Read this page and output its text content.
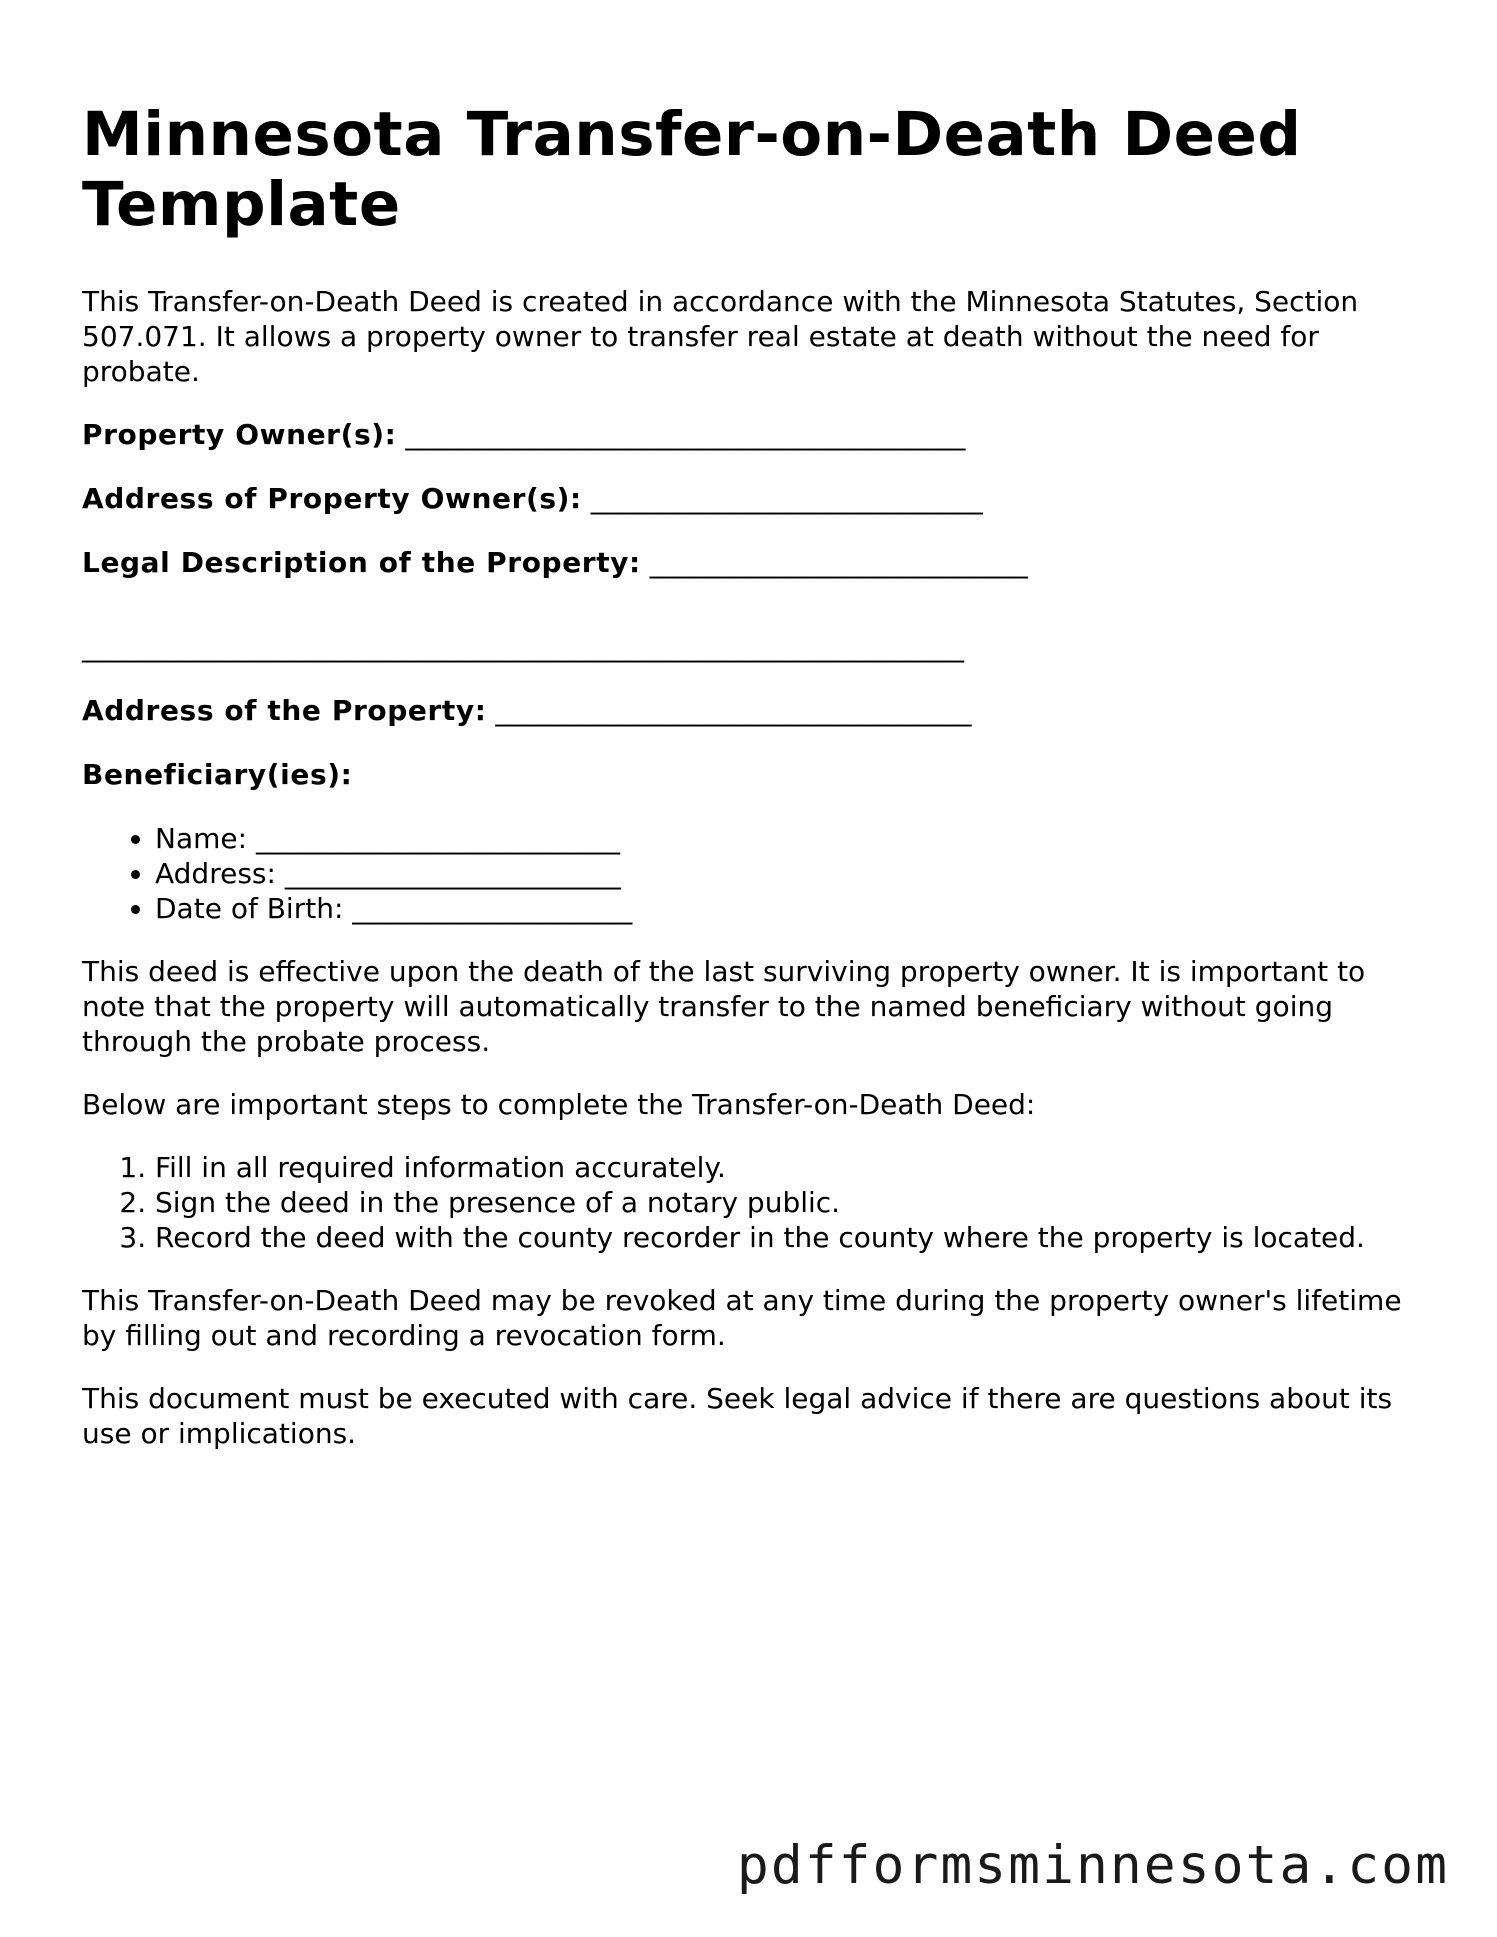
Minnesota Transfer-on-Death Deed Template

This Transfer-on-Death Deed is created in accordance with the Minnesota Statutes, Section 507.071. It allows a property owner to transfer real estate at death without the need for probate.

Property Owner(s): ________________________________________
Address of Property Owner(s): ____________________________
Legal Description of the Property: ___________________________
_______________________________________________________________
Address of the Property: __________________________________
Beneficiary(ies):
• Name: __________________________
• Address: ________________________
• Date of Birth: ____________________

This deed is effective upon the death of the last surviving property owner. It is important to note that the property will automatically transfer to the named beneficiary without going through the probate process.

Below are important steps to complete the Transfer-on-Death Deed:

1. Fill in all required information accurately.
2. Sign the deed in the presence of a notary public.
3. Record the deed with the county recorder in the county where the property is located.

This Transfer-on-Death Deed may be revoked at any time during the property owner's lifetime by filling out and recording a revocation form.

This document must be executed with care. Seek legal advice if there are questions about its use or implications.

pdfformsminnesota.com
